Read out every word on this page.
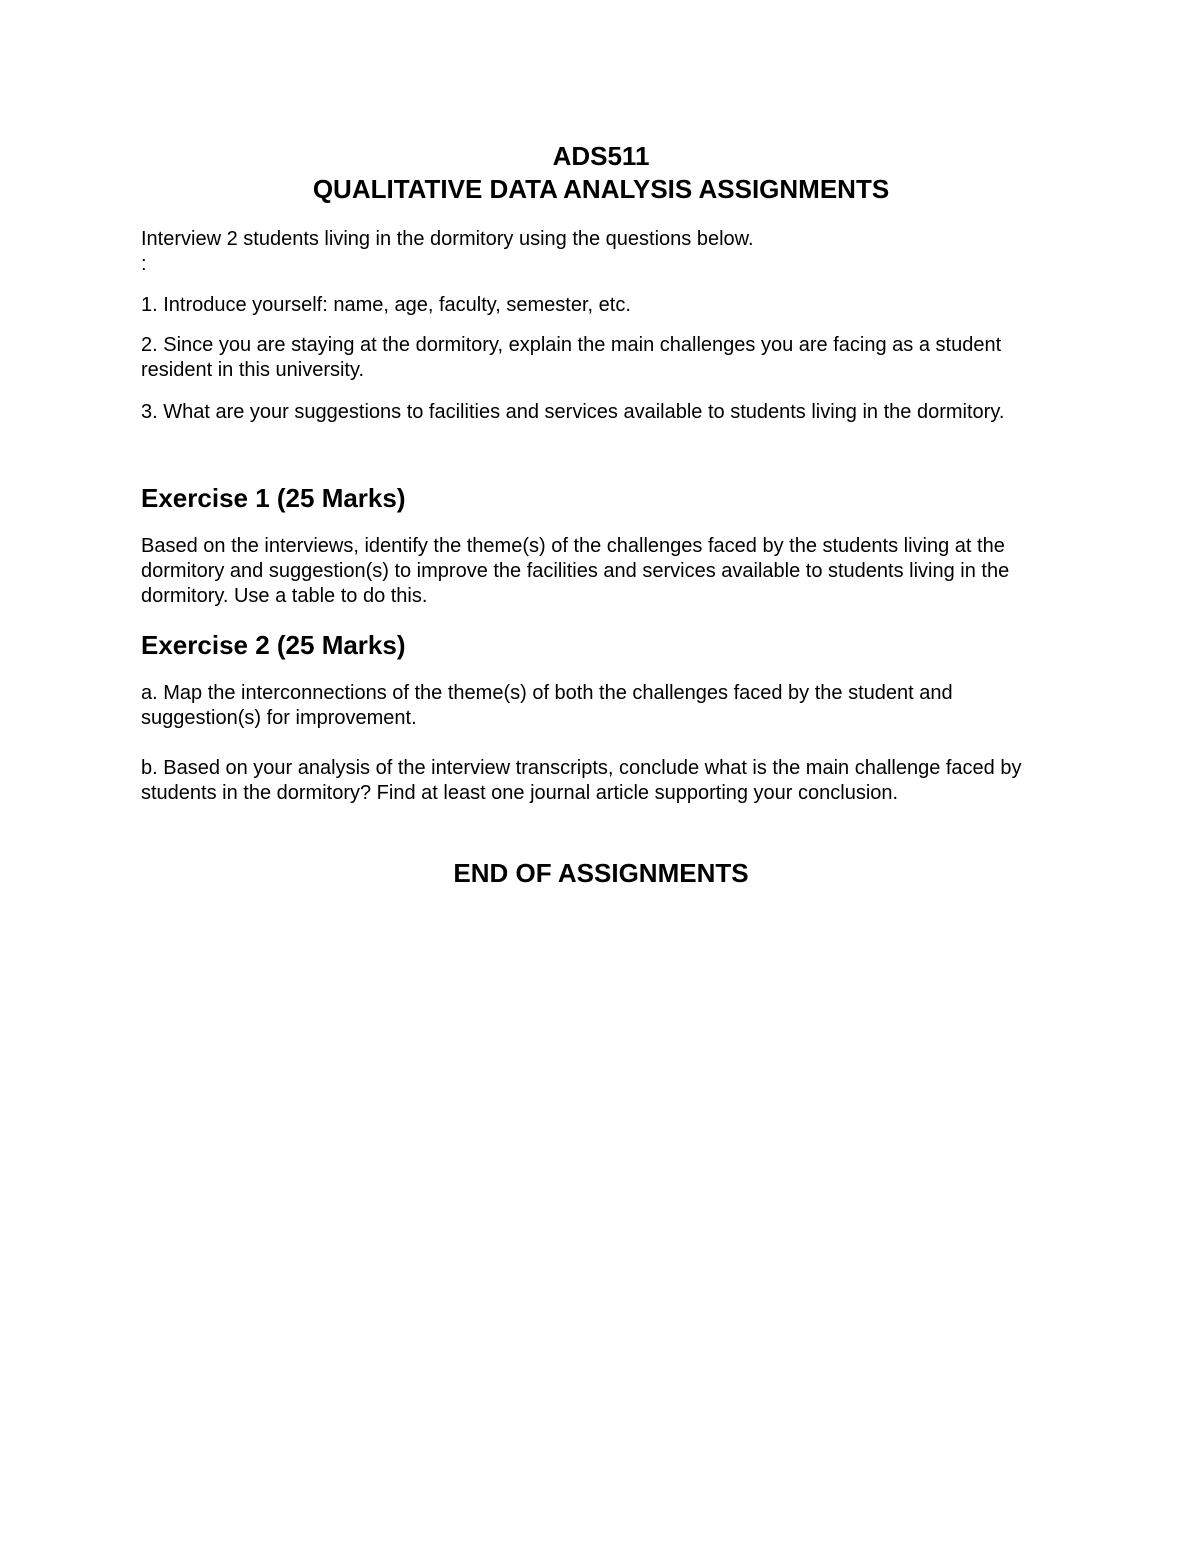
ADS511

QUALITATIVE DATA ANALYSIS ASSIGNMENTS

Interview 2 students living in the dormitory using the questions below.

:

1. Introduce yourself: name, age, faculty, semester, etc.

2. Since you are staying at the dormitory, explain the main challenges you are facing as a student resident in this university.

3. What are your suggestions to facilities and services available to students living in the dormitory.

Exercise 1 (25 Marks)

Based on the interviews, identify the theme(s) of the challenges faced by the students living at the dormitory and suggestion(s) to improve the facilities and services available to students living in the dormitory. Use a table to do this.

Exercise 2 (25 Marks)

a. Map the interconnections of the theme(s) of both the challenges faced by the student and suggestion(s) for improvement.

b. Based on your analysis of the interview transcripts, conclude what is the main challenge faced by students in the dormitory? Find at least one journal article supporting your conclusion.

END OF ASSIGNMENTS
